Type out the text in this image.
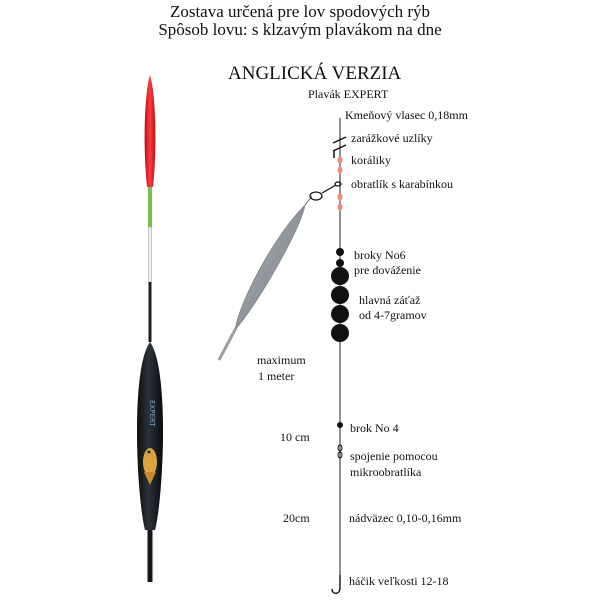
Zostava určená pre lov spodových rýb
Spôsob lovu: s klzavým plavákom na dne
ANGLICKÁ VERZIA
Plavák EXPERT
EXPERT
Kmeňový vlasec 0,18mm
zarážkové uzlíky
koráliky
obratlík s karabínkou
broky No6
pre dováženie
hlavná záťaž
od 4-7gramov
maximum
1 meter
brok No 4
10 cm
spojenie pomocou
mikroobratlíka
20cm	nádväzec 0,10-0,16mm
háčik veľkosti 12-18
